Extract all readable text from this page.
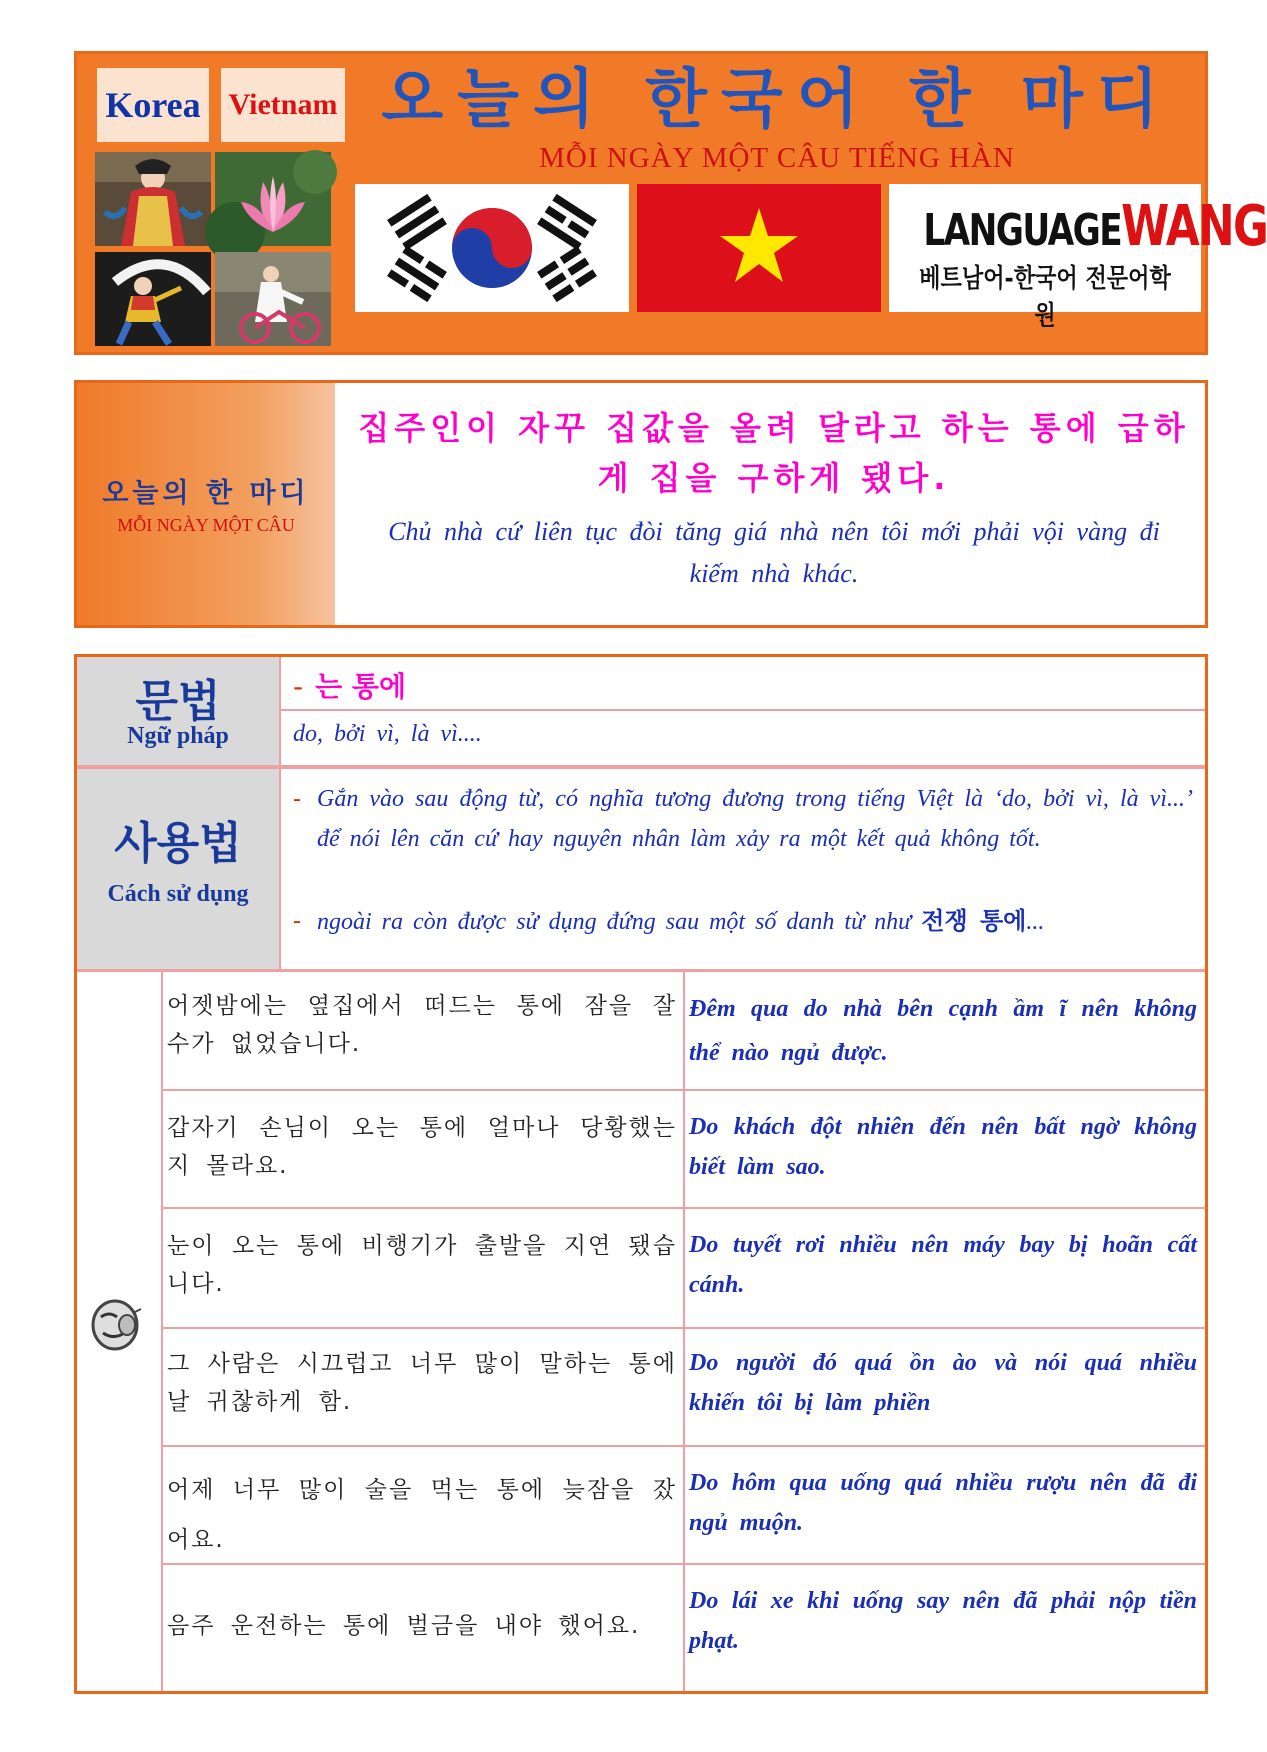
Korea Vietnam 오늘의 한국어 한 마디
MỖI NGÀY MỘT CÂU TIẾNG HÀN
LANGUAGEWANG
베트남어-한국어 전문어학원
오늘의 한 마디
MỖI NGÀY MỘT CÂU
집주인이 자꾸 집값을 올려 달라고 하는 통에 급하게 집을 구하게 됐다.
Chủ nhà cứ liên tục đòi tăng giá nhà nên tôi mới phải vội vàng đi kiếm nhà khác.
문법
Ngữ pháp
- 는 통에
do, bởi vì, là vì....
사용법
Cách sử dụng
- Gắn vào sau động từ, có nghĩa tương đương trong tiếng Việt là ‘do, bởi vì, là vì...’ để nói lên căn cứ hay nguyên nhân làm xảy ra một kết quả không tốt.
- ngoài ra còn được sử dụng đứng sau một số danh từ như 전쟁 통에...
어젯밤에는 옆집에서 떠드는 통에 잠을 잘 수가 없었습니다.
Đêm qua do nhà bên cạnh ầm ĩ nên không thể nào ngủ được.
갑자기 손님이 오는 통에 얼마나 당황했는지 몰라요.
Do khách đột nhiên đến nên bất ngờ không biết làm sao.
눈이 오는 통에 비행기가 출발을 지연 됐습니다.
Do tuyết rơi nhiều nên máy bay bị hoãn cất cánh.
그 사람은 시끄럽고 너무 많이 말하는 통에 날 귀찮하게 함.
Do người đó quá ồn ào và nói quá nhiều khiến tôi bị làm phiền
어제 너무 많이 술을 먹는 통에 늦잠을 잤어요.
Do hôm qua uống quá nhiều rượu nên đã đi ngủ muộn.
음주 운전하는 통에 벌금을 내야 했어요.
Do lái xe khi uống say nên đã phải nộp tiền phạt.
